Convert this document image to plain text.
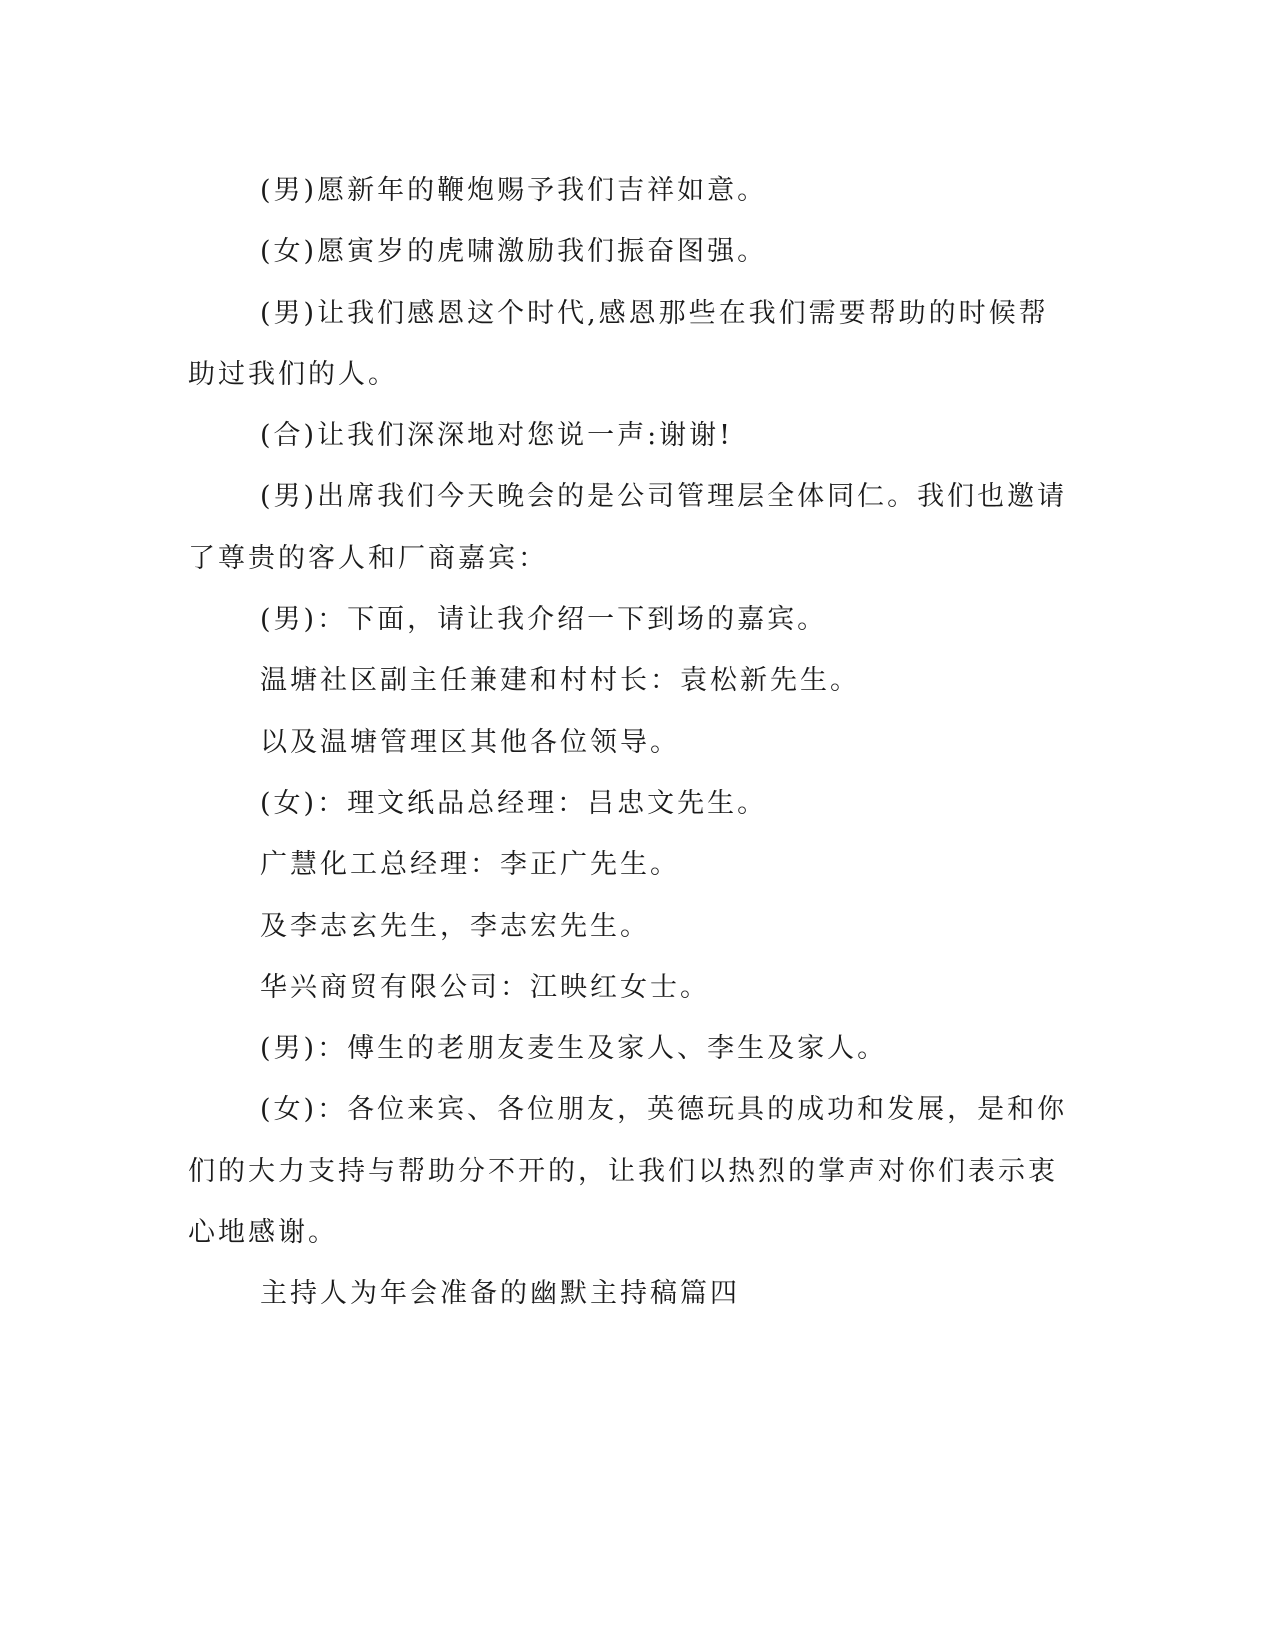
(男)愿新年的鞭炮赐予我们吉祥如意。

(女)愿寅岁的虎啸激励我们振奋图强。

(男)让我们感恩这个时代,感恩那些在我们需要帮助的时候帮助过我们的人。

(合)让我们深深地对您说一声:谢谢!

(男)出席我们今天晚会的是公司管理层全体同仁。我们也邀请了尊贵的客人和厂商嘉宾：

(男)：下面，请让我介绍一下到场的嘉宾。

温塘社区副主任兼建和村村长：袁松新先生。

以及温塘管理区其他各位领导。

(女)：理文纸品总经理：吕忠文先生。

广慧化工总经理：李正广先生。

及李志玄先生，李志宏先生。

华兴商贸有限公司：江映红女士。

(男)：傅生的老朋友麦生及家人、李生及家人。

(女)：各位来宾、各位朋友，英德玩具的成功和发展，是和你们的大力支持与帮助分不开的，让我们以热烈的掌声对你们表示衷心地感谢。

主持人为年会准备的幽默主持稿篇四
